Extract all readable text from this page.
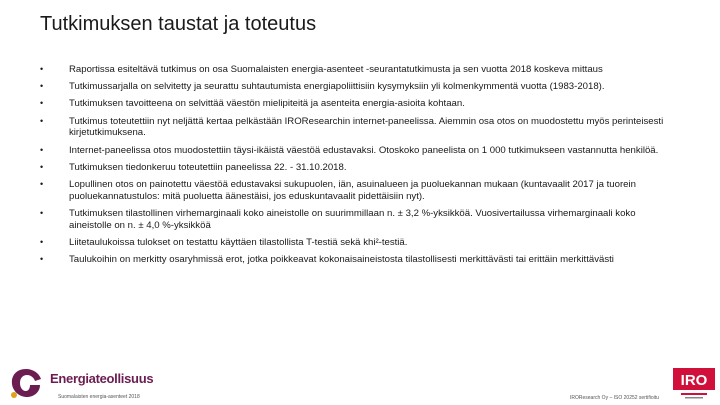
Tutkimuksen taustat ja toteutus
•	Raportissa esiteltävä tutkimus on osa Suomalaisten energia-asenteet -seurantatutkimusta ja sen vuotta 2018 koskeva mittaus
•	Tutkimussarjalla on selvitetty ja seurattu suhtautumista energiapoliittisiin kysymyksiin yli kolmenkymmentä vuotta (1983-2018).
•	Tutkimuksen tavoitteena on selvittää väestön mielipiteitä ja asenteita energia-asioita kohtaan.
•	Tutkimus toteutettiin nyt neljättä kertaa pelkästään IROResearchin internet-paneelissa. Aiemmin osa otos on muodostettu myös perinteisesti kirjetutkimuksena.
•	Internet-paneelissa otos muodostettiin täysi-ikäistä väestöä edustavaksi. Otoskoko paneelista on 1 000 tutkimukseen vastannutta henkilöä.
•	Tutkimuksen tiedonkeruu toteutettiin paneelissa 22. - 31.10.2018.
•	Lopullinen otos on painotettu väestöä edustavaksi sukupuolen, iän, asuinalueen ja puoluekannan mukaan (kuntavaalit 2017 ja tuorein puoluekannatustulos: mitä puoluetta äänestäisi, jos eduskuntavaalit pidettäisiin nyt).
•	Tutkimuksen tilastollinen virhemarginaali koko aineistolle on suurimmillaan n. ± 3,2 %-yksikköä. Vuosivertailussa virhemarginaali koko aineistolle on n. ± 4,0 %-yksikköä
•	Liitetaulukoissa tulokset on testattu käyttäen tilastollista T-testiä sekä khi²-testiä.
•	Taulukoihin on merkitty osaryhmissä erot, jotka poikkeavat kokonaisaineistosta tilastollisesti merkittävästi tai erittäin merkittävästi
Energiateollisuus
Suomalaisten energia-asenteet 2018	IROResearch Oy – ISO 20252 sertifioitu
IRO
